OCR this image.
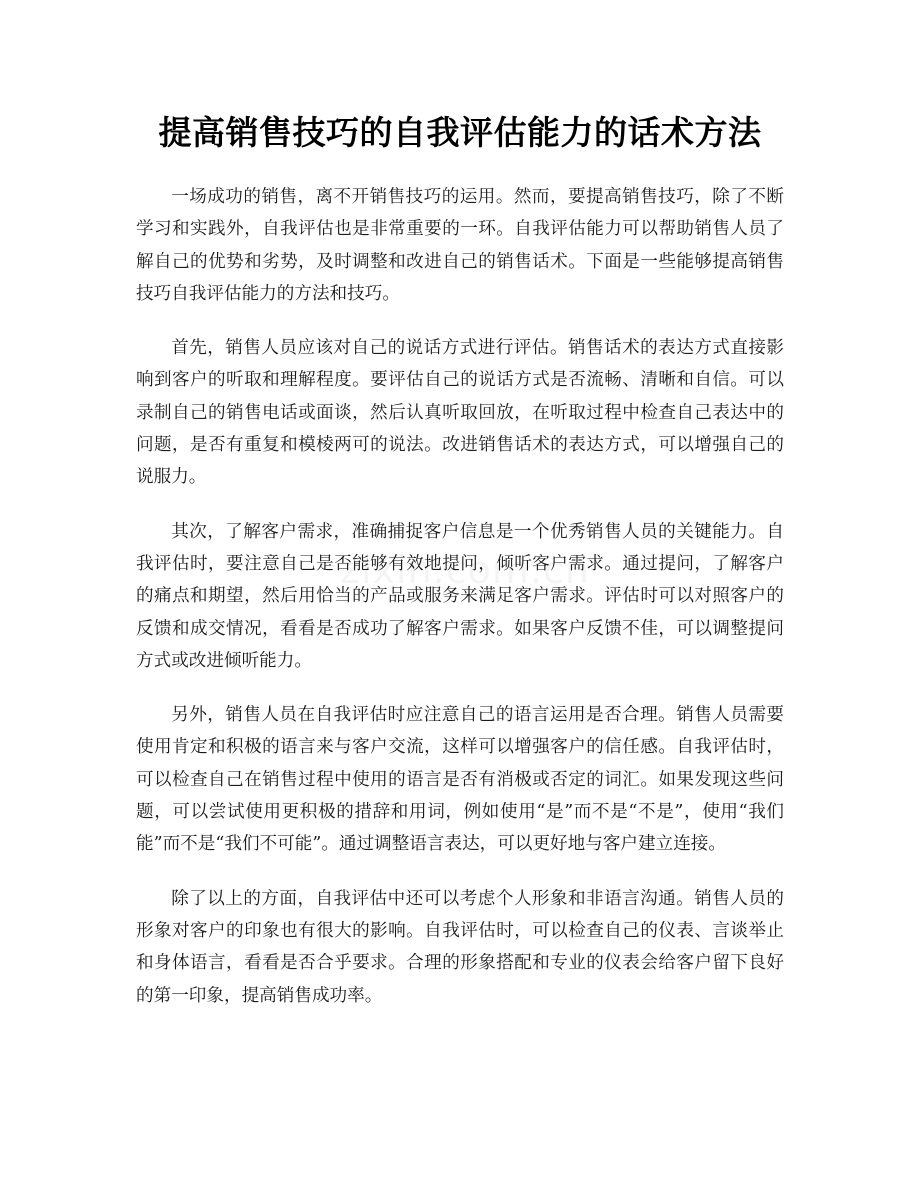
提高销售技巧的自我评估能力的话术方法

一场成功的销售，离不开销售技巧的运用。然而，要提高销售技巧，除了不断学习和实践外，自我评估也是非常重要的一环。自我评估能力可以帮助销售人员了解自己的优势和劣势，及时调整和改进自己的销售话术。下面是一些能够提高销售技巧自我评估能力的方法和技巧。

首先，销售人员应该对自己的说话方式进行评估。销售话术的表达方式直接影响到客户的听取和理解程度。要评估自己的说话方式是否流畅、清晰和自信。可以录制自己的销售电话或面谈，然后认真听取回放，在听取过程中检查自己表达中的问题，是否有重复和模棱两可的说法。改进销售话术的表达方式，可以增强自己的说服力。

其次，了解客户需求，准确捕捉客户信息是一个优秀销售人员的关键能力。自我评估时，要注意自己是否能够有效地提问，倾听客户需求。通过提问，了解客户的痛点和期望，然后用恰当的产品或服务来满足客户需求。评估时可以对照客户的反馈和成交情况，看看是否成功了解客户需求。如果客户反馈不佳，可以调整提问方式或改进倾听能力。

另外，销售人员在自我评估时应注意自己的语言运用是否合理。销售人员需要使用肯定和积极的语言来与客户交流，这样可以增强客户的信任感。自我评估时，可以检查自己在销售过程中使用的语言是否有消极或否定的词汇。如果发现这些问题，可以尝试使用更积极的措辞和用词，例如使用“是”而不是“不是”，使用“我们能”而不是“我们不可能”。通过调整语言表达，可以更好地与客户建立连接。

除了以上的方面，自我评估中还可以考虑个人形象和非语言沟通。销售人员的形象对客户的印象也有很大的影响。自我评估时，可以检查自己的仪表、言谈举止和身体语言，看看是否合乎要求。合理的形象搭配和专业的仪表会给客户留下良好的第一印象，提高销售成功率。
